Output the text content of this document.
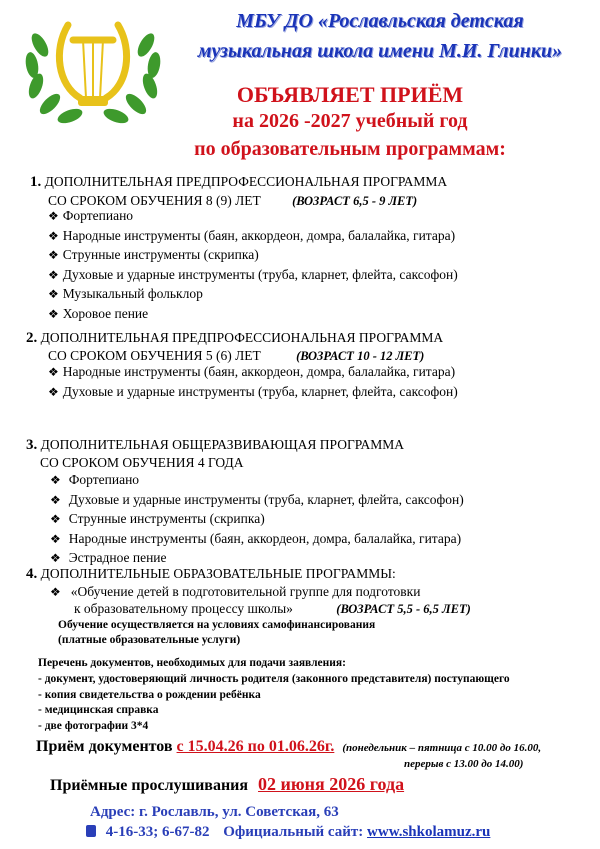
МБУ ДО «Рославльская детская
музыкальная школа имени М.И. Глинки»
ОБЪЯВЛЯЕТ ПРИЁМ
на 2026 -2027 учебный год
по образовательным программам:
1. ДОПОЛНИТЕЛЬНАЯ ПРЕДПРОФЕССИОНАЛЬНАЯ ПРОГРАММА
СО СРОКОМ ОБУЧЕНИЯ 8 (9) ЛЕТ	(ВОЗРАСТ 6,5 - 9 ЛЕТ)
❖ Фортепиано
❖ Народные инструменты (баян, аккордеон, домра, балалайка, гитара)
❖ Струнные инструменты (скрипка)
❖ Духовые и ударные инструменты (труба, кларнет, флейта, саксофон)
❖ Музыкальный фольклор
❖ Хоровое пение
2. ДОПОЛНИТЕЛЬНАЯ ПРЕДПРОФЕССИОНАЛЬНАЯ ПРОГРАММА
СО СРОКОМ ОБУЧЕНИЯ 5 (6) ЛЕТ	(ВОЗРАСТ 10 - 12 ЛЕТ)
❖ Народные инструменты (баян, аккордеон, домра, балалайка, гитара)
❖ Духовые и ударные инструменты (труба, кларнет, флейта, саксофон)
3. ДОПОЛНИТЕЛЬНАЯ ОБЩЕРАЗВИВАЮЩАЯ ПРОГРАММА
СО СРОКОМ ОБУЧЕНИЯ 4 ГОДА
❖ Фортепиано
❖ Духовые и ударные инструменты (труба, кларнет, флейта, саксофон)
❖ Струнные инструменты (скрипка)
❖ Народные инструменты (баян, аккордеон, домра, балалайка, гитара)
❖ Эстрадное пение
4. ДОПОЛНИТЕЛЬНЫЕ ОБРАЗОВАТЕЛЬНЫЕ ПРОГРАММЫ:
❖ «Обучение детей в подготовительной группе для подготовки
к образовательному процессу школы»	(ВОЗРАСТ 5,5 - 6,5 ЛЕТ)
Обучение осуществляется на условиях самофинансирования
(платные образовательные услуги)
Перечень документов, необходимых для подачи заявления:
- документ, удостоверяющий личность родителя (законного представителя) поступающего
- копия свидетельства о рождении ребёнка
- медицинская справка
- две фотографии 3*4
Приём документов с 15.04.26 по 01.06.26г. (понедельник – пятница с 10.00 до 16.00,
перерыв с 13.00 до 14.00)
Приёмные прослушивания 02 июня 2026 года
Адрес: г. Рославль, ул. Советская, 63
4-16-33; 6-67-82 Официальный сайт: www.shkolamuz.ru
